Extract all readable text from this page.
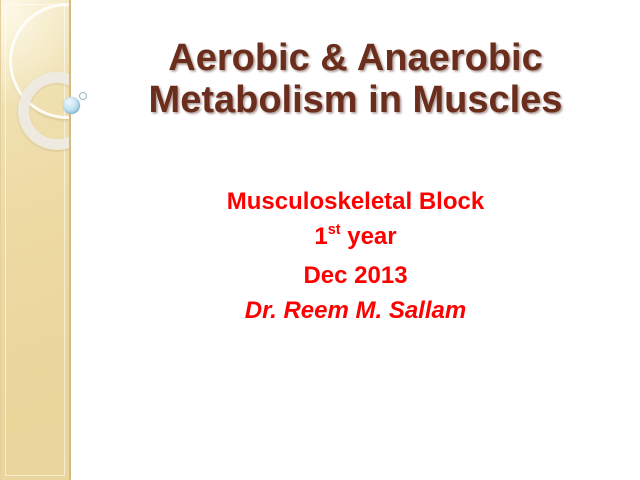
Aerobic & Anaerobic
Metabolism in Muscles
Musculoskeletal Block
1st year
Dec 2013
Dr. Reem M. Sallam
